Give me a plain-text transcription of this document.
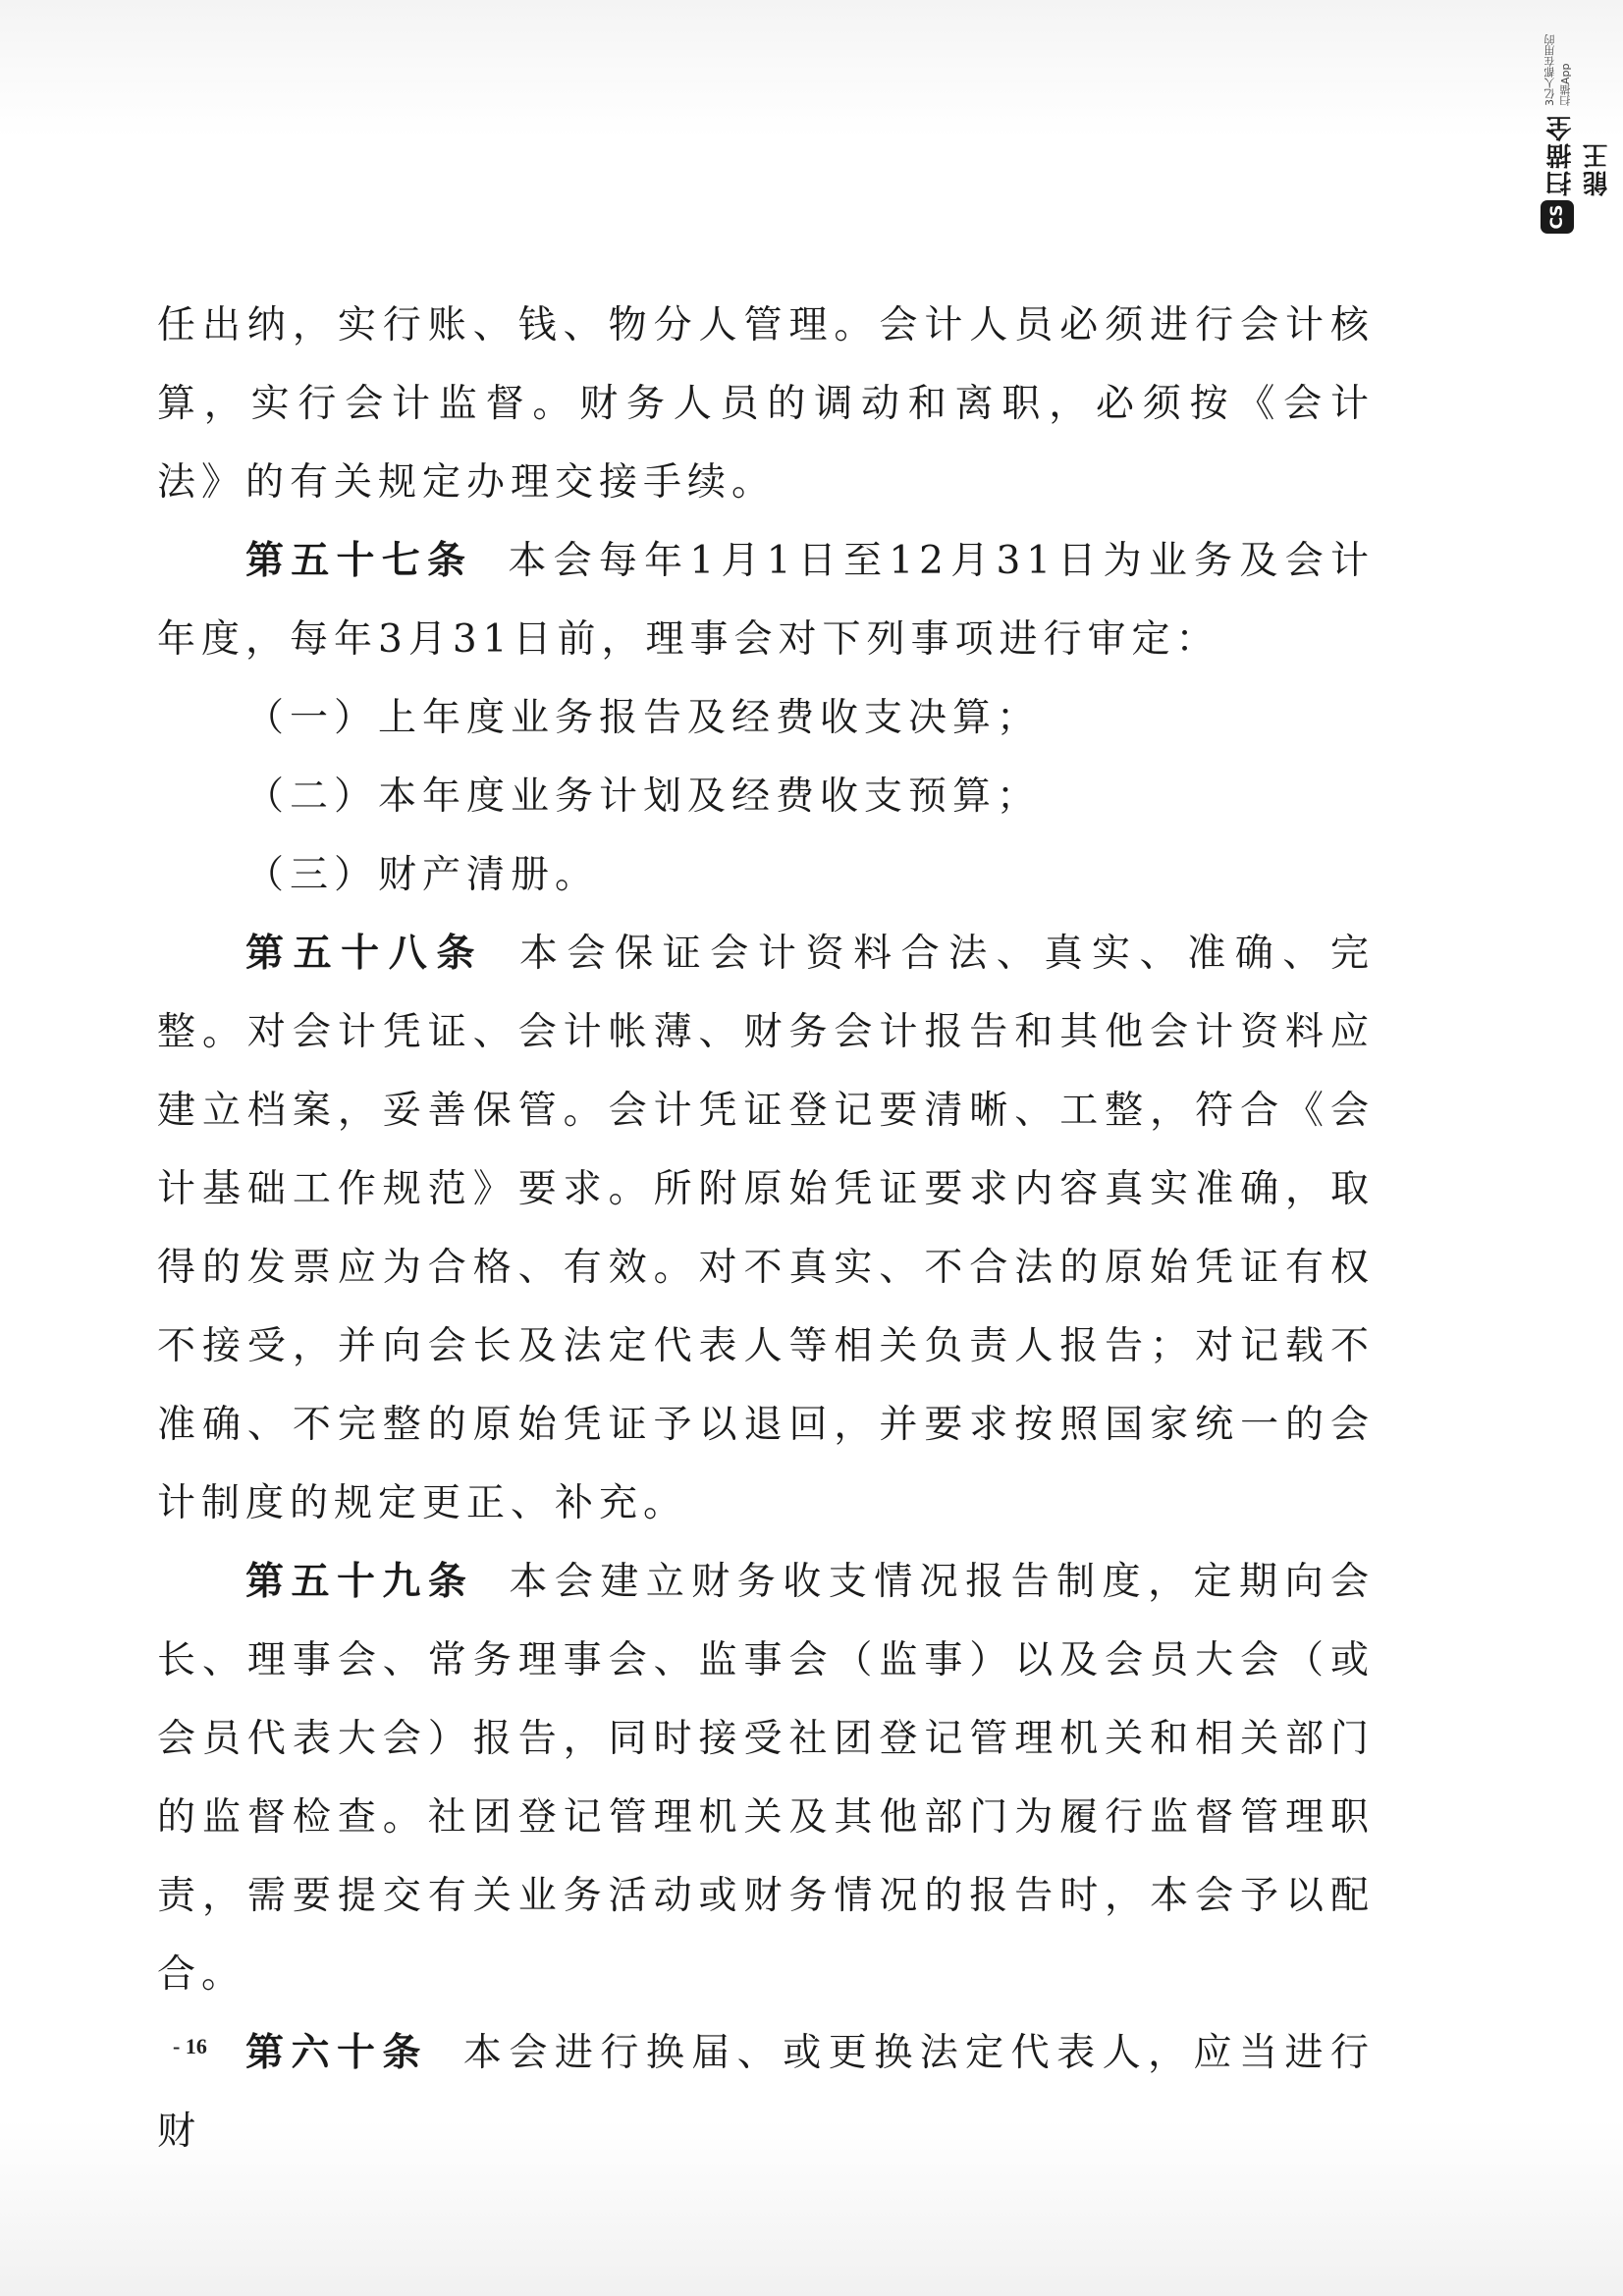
扫描全能王
3亿人都在用的扫描App
CS

任出纳，实行账、钱、物分人管理。会计人员必须进行会计核算，实行会计监督。财务人员的调动和离职，必须按《会计法》的有关规定办理交接手续。

第五十七条 本会每年1月1日至12月31日为业务及会计年度，每年3月31日前，理事会对下列事项进行审定：

（一）上年度业务报告及经费收支决算；

（二）本年度业务计划及经费收支预算；

（三）财产清册。

第五十八条 本会保证会计资料合法、真实、准确、完整。对会计凭证、会计帐薄、财务会计报告和其他会计资料应建立档案，妥善保管。会计凭证登记要清晰、工整，符合《会计基础工作规范》要求。所附原始凭证要求内容真实准确，取得的发票应为合格、有效。对不真实、不合法的原始凭证有权不接受，并向会长及法定代表人等相关负责人报告；对记载不准确、不完整的原始凭证予以退回，并要求按照国家统一的会计制度的规定更正、补充。

第五十九条 本会建立财务收支情况报告制度，定期向会长、理事会、常务理事会、监事会（监事）以及会员大会（或会员代表大会）报告，同时接受社团登记管理机关和相关部门的监督检查。社团登记管理机关及其他部门为履行监督管理职责，需要提交有关业务活动或财务情况的报告时，本会予以配合。

第六十条 本会进行换届、或更换法定代表人，应当进行财

- 16
